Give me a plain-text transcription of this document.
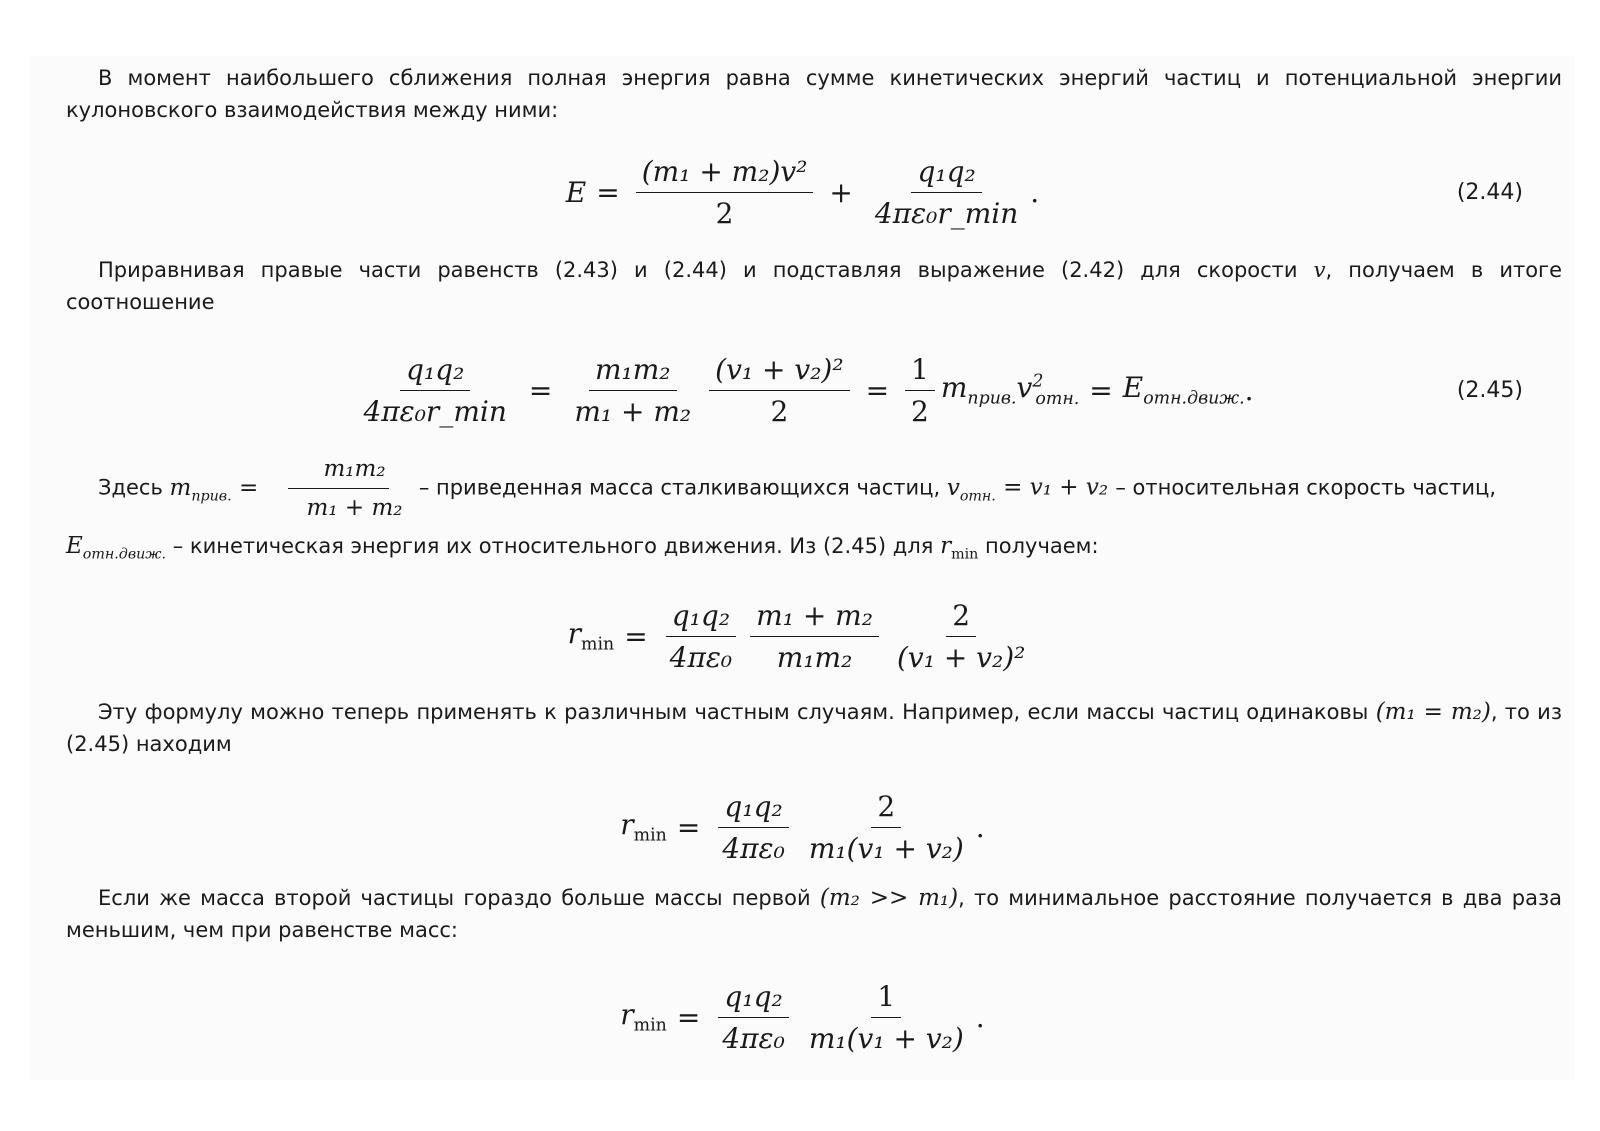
В момент наибольшего сближения полная энергия равна сумме кинетических энергий частиц и потенциальной энергии кулоновского взаимодействия между ними:

$E = \frac{\text{(m₁ + m₂)v²}}{2} + \frac{\text{q₁q₂}}{\text{4πε₀r\_min}}$ .	(2.44)

Приравнивая правые части равенств (2.43) и (2.44) и подставляя выражение (2.42) для скорости v, получаем в итоге соотношение

$\frac{\text{q₁q₂}}{\text{4πε₀r\_min}} = \frac{\text{m₁m₂}}{\text{m₁ + m₂}} \frac{\text{(v₁ + v₂)²}}{2} = \frac{1}{2} m_{прив.}$ $v^2_{отн.} = E_{отн.движ.}$ .	(2.45)

Здесь $m_{прив.} = \frac{\text{m₁m₂}}{\text{m₁ + m₂}}$ – приведенная масса сталкивающихся частиц, $v_{отн.} = v_1 + v_2$ – относительная скорость частиц,

$E_{отн.движ.}$ – кинетическая энергия их относительного движения. Из (2.45) для $r_{min}$ получаем:

$r_{min} = \frac{\text{q₁q₂}}{\text{4πε₀}} \frac{\text{m₁ + m₂}}{\text{m₁m₂}} \frac{2}{\text{(v₁ + v₂)²}}$

Эту формулу можно теперь применять к различным частным случаям. Например, если массы частиц одинаковы (m₁ = m₂), то из (2.45) находим

$r_{min} = \frac{\text{q₁q₂}}{\text{4πε₀}} \frac{2}{\text{m₁(v₁ + v₂)}}$ .

Если же масса второй частицы гораздо больше массы первой (m₂ >> m₁), то минимальное расстояние получается в два раза меньшим, чем при равенстве масс:

$r_{min} = \frac{\text{q₁q₂}}{\text{4πε₀}} \frac{1}{\text{m₁(v₁ + v₂)}}$ .
